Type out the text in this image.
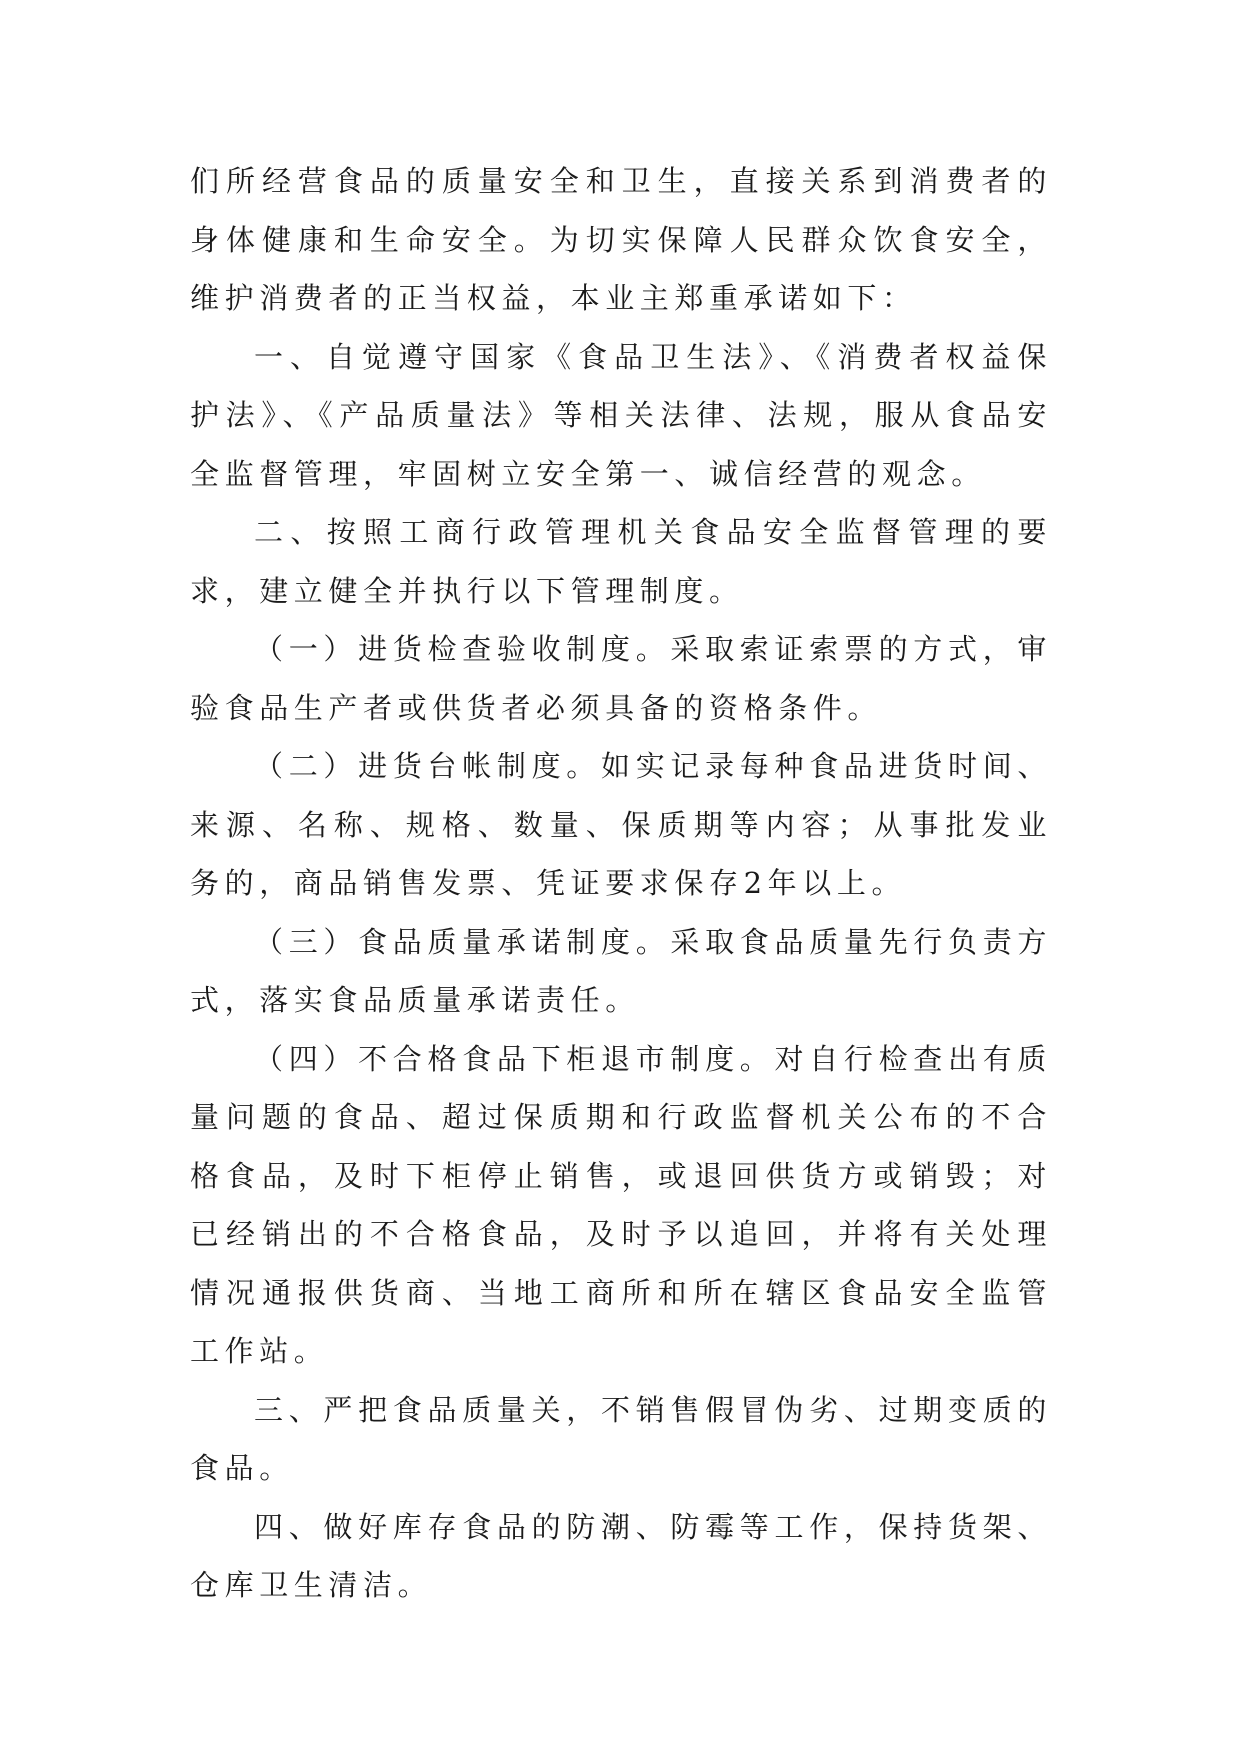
们所经营食品的质量安全和卫生，直接关系到消费者的身体健康和生命安全。为切实保障人民群众饮食安全，维护消费者的正当权益，本业主郑重承诺如下：

一、自觉遵守国家《食品卫生法》、《消费者权益保护法》、《产品质量法》等相关法律、法规，服从食品安全监督管理，牢固树立安全第一、诚信经营的观念。

二、按照工商行政管理机关食品安全监督管理的要求，建立健全并执行以下管理制度。

（一）进货检查验收制度。采取索证索票的方式，审验食品生产者或供货者必须具备的资格条件。

（二）进货台帐制度。如实记录每种食品进货时间、来源、名称、规格、数量、保质期等内容；从事批发业务的，商品销售发票、凭证要求保存2年以上。

（三）食品质量承诺制度。采取食品质量先行负责方式，落实食品质量承诺责任。

（四）不合格食品下柜退市制度。对自行检查出有质量问题的食品、超过保质期和行政监督机关公布的不合格食品，及时下柜停止销售，或退回供货方或销毁；对已经销出的不合格食品，及时予以追回，并将有关处理情况通报供货商、当地工商所和所在辖区食品安全监管工作站。

三、严把食品质量关，不销售假冒伪劣、过期变质的食品。

四、做好库存食品的防潮、防霉等工作，保持货架、仓库卫生清洁。
